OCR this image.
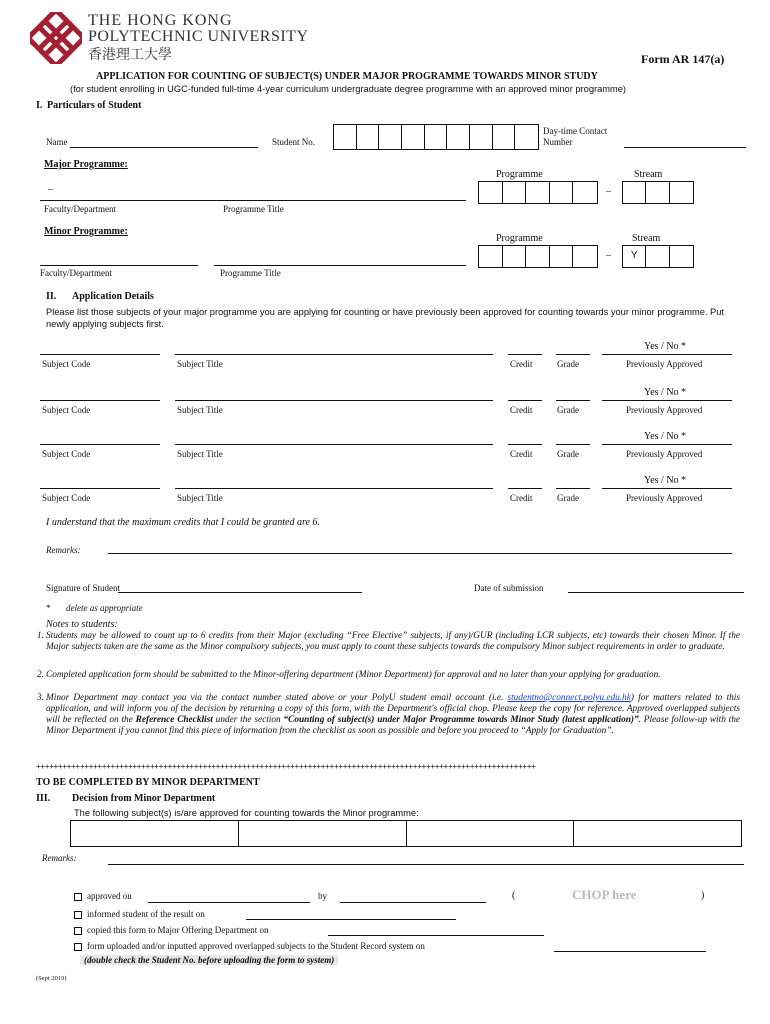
THE HONG KONG
POLYTECHNIC UNIVERSITY
香港理工大學	Form AR 147(a)
APPLICATION FOR COUNTING OF SUBJECT(S) UNDER MAJOR PROGRAMME TOWARDS MINOR STUDY
(for student enrolling in UGC-funded full-time 4-year curriculum undergraduate degree programme with an approved minor programme)
I. Particulars of Student
Name	Student No.
Day-time Contact
Number
Major Programme:
–
Faculty/Department	Programme Title
Programme	Stream
–
Minor Programme:
Faculty/Department	Programme Title
Programme	Stream
–	Y
II. Application Details
Please list those subjects of your major programme you are applying for counting or have previously been approved for counting towards your minor programme. Put newly applying subjects first.
Yes / No *
Subject Code	Subject Title	Credit	Grade	Previously Approved
Yes / No *
Subject Code	Subject Title	Credit	Grade	Previously Approved
Yes / No *
Subject Code	Subject Title	Credit	Grade	Previously Approved
Yes / No *
Subject Code	Subject Title	Credit	Grade	Previously Approved
I understand that the maximum credits that I could be granted are 6.
Remarks:
Signature of Student	Date of submission
* delete as appropriate
Notes to students:
1. Students may be allowed to count up to 6 credits from their Major (excluding “Free Elective” subjects, if any)/GUR (including LCR subjects, etc) towards their chosen Minor. If the Major subjects taken are the same as the Minor compulsory subjects, you must apply to count these subjects towards the compulsory Minor subject requirements in order to graduate.
2. Completed application form should be submitted to the Minor-offering department (Minor Department) for approval and no later than your applying for graduation.
3. Minor Department may contact you via the contact number stated above or your PolyU student email account (i.e. studentno@connect.polyu.edu.hk) for matters related to this application, and will inform you of the decision by returning a copy of this form, with the Department's official chop. Please keep the copy for reference. Approved overlapped subjects will be reflected on the Reference Checklist under the section “Counting of subject(s) under Major Programme towards Minor Study (latest application)”. Please follow-up with the Minor Department if you cannot find this piece of information from the checklist as soon as possible and before you proceed to “Apply for Graduation”.
++++++++++++++++++++++++++++++++++++++++++++++++++++++++++++++++++++++++++++++++++++++++++++++++++++++++++++++++++
TO BE COMPLETED BY MINOR DEPARTMENT
III. Decision from Minor Department
The following subject(s) is/are approved for counting towards the Minor programme:
Remarks:
approved on	by	(	CHOP here	)
informed student of the result on
copied this form to Major Offering Department on
form uploaded and/or inputted approved overlapped subjects to the Student Record system on
(double check the Student No. before uploading the form to system)
(Sept 2019)
